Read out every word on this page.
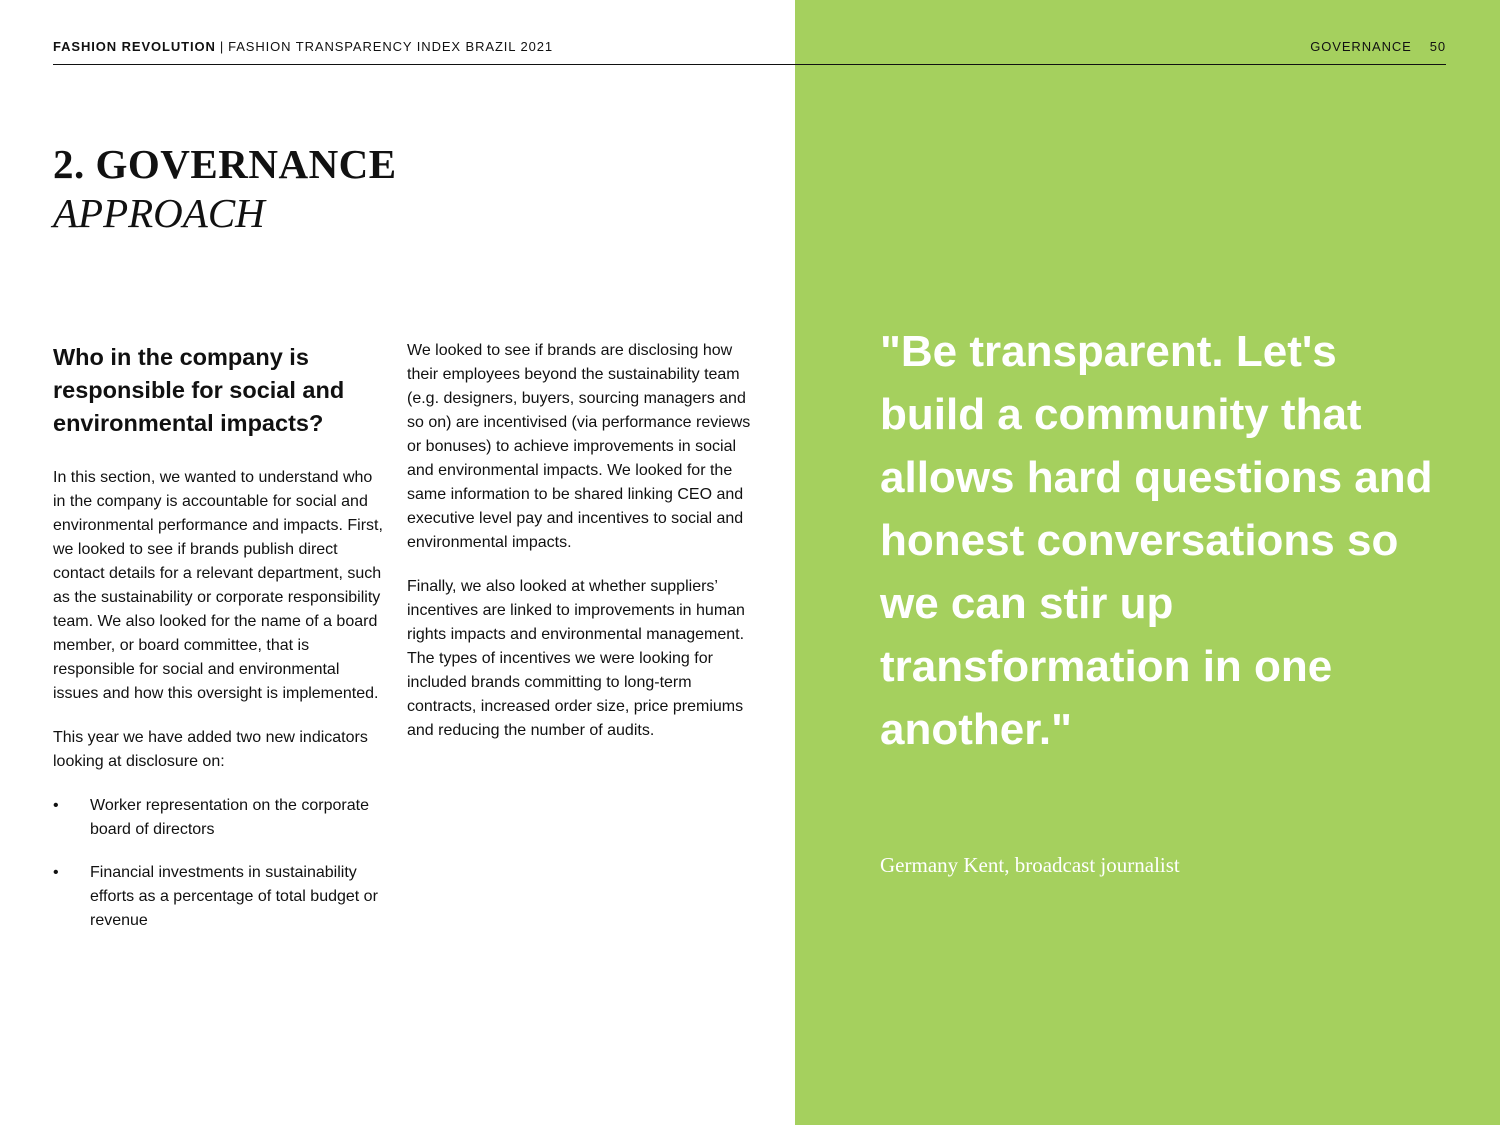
FASHION REVOLUTION | FASHION TRANSPARENCY INDEX BRAZIL 2021	GOVERNANCE 50
2. GOVERNANCE
APPROACH
Who in the company is responsible for social and environmental impacts?

In this section, we wanted to understand who in the company is accountable for social and environmental performance and impacts. First, we looked to see if brands publish direct contact details for a relevant department, such as the sustainability or corporate responsibility team. We also looked for the name of a board member, or board committee, that is responsible for social and environmental issues and how this oversight is implemented.

This year we have added two new indicators looking at disclosure on:

• Worker representation on the corporate board of directors
• Financial investments in sustainability efforts as a percentage of total budget or revenue

We looked to see if brands are disclosing how their employees beyond the sustainability team (e.g. designers, buyers, sourcing managers and so on) are incentivised (via performance reviews or bonuses) to achieve improvements in social and environmental impacts. We looked for the same information to be shared linking CEO and executive level pay and incentives to social and environmental impacts.

Finally, we also looked at whether suppliers’ incentives are linked to improvements in human rights impacts and environmental management. The types of incentives we were looking for included brands committing to long-term contracts, increased order size, price premiums and reducing the number of audits.

"Be transparent. Let's build a community that allows hard questions and honest conversations so we can stir up transformation in one another."

Germany Kent, broadcast journalist
